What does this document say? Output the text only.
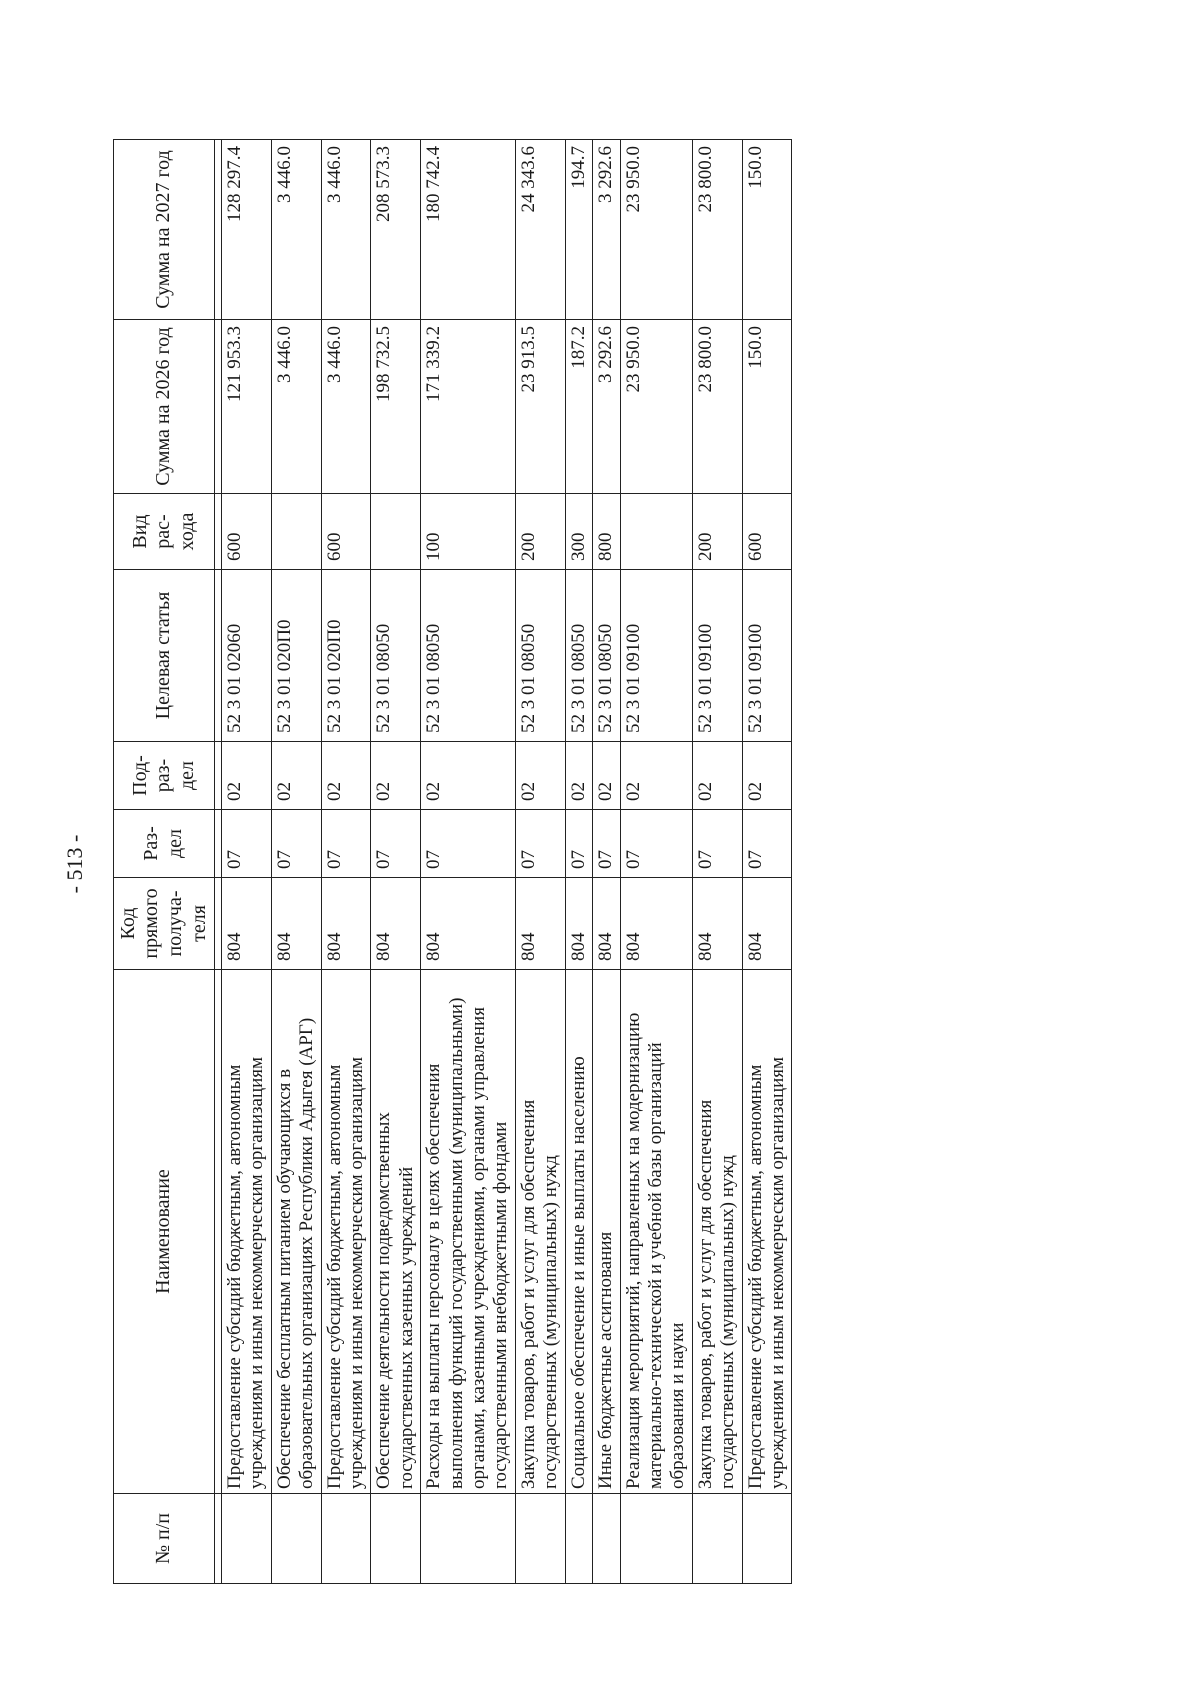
- 513 -
№ п/п	Наименование	Код прямого получа-теля	Раз-дел	Под-раз-дел	Целевая статья	Вид рас-хода	Сумма на 2026 год	Сумма на 2027 год

	Предоставление субсидий бюджетным, автономным учреждениям и иным некоммерческим организациям	804	07	02	52 3 01 02060	600	121 953.3	128 297.4
	Обеспечение бесплатным питанием обучающихся в образовательных организациях Республики Адыгея (АРГ)	804	07	02	52 3 01 020П0		3 446.0	3 446.0
	Предоставление субсидий бюджетным, автономным учреждениям и иным некоммерческим организациям	804	07	02	52 3 01 020П0	600	3 446.0	3 446.0
	Обеспечение деятельности подведомственных государственных казенных учреждений	804	07	02	52 3 01 08050		198 732.5	208 573.3
	Расходы на выплаты персоналу в целях обеспечения выполнения функций государственными (муниципальными) органами, казенными учреждениями, органами управления государственными внебюджетными фондами	804	07	02	52 3 01 08050	100	171 339.2	180 742.4
	Закупка товаров, работ и услуг для обеспечения государственных (муниципальных) нужд	804	07	02	52 3 01 08050	200	23 913.5	24 343.6
	Социальное обеспечение и иные выплаты населению	804	07	02	52 3 01 08050	300	187.2	194.7
	Иные бюджетные ассигнования	804	07	02	52 3 01 08050	800	3 292.6	3 292.6
	Реализация мероприятий, направленных на модернизацию материально-технической и учебной базы организаций образования и науки	804	07	02	52 3 01 09100		23 950.0	23 950.0
	Закупка товаров, работ и услуг для обеспечения государственных (муниципальных) нужд	804	07	02	52 3 01 09100	200	23 800.0	23 800.0
	Предоставление субсидий бюджетным, автономным учреждениям и иным некоммерческим организациям	804	07	02	52 3 01 09100	600	150.0	150.0
